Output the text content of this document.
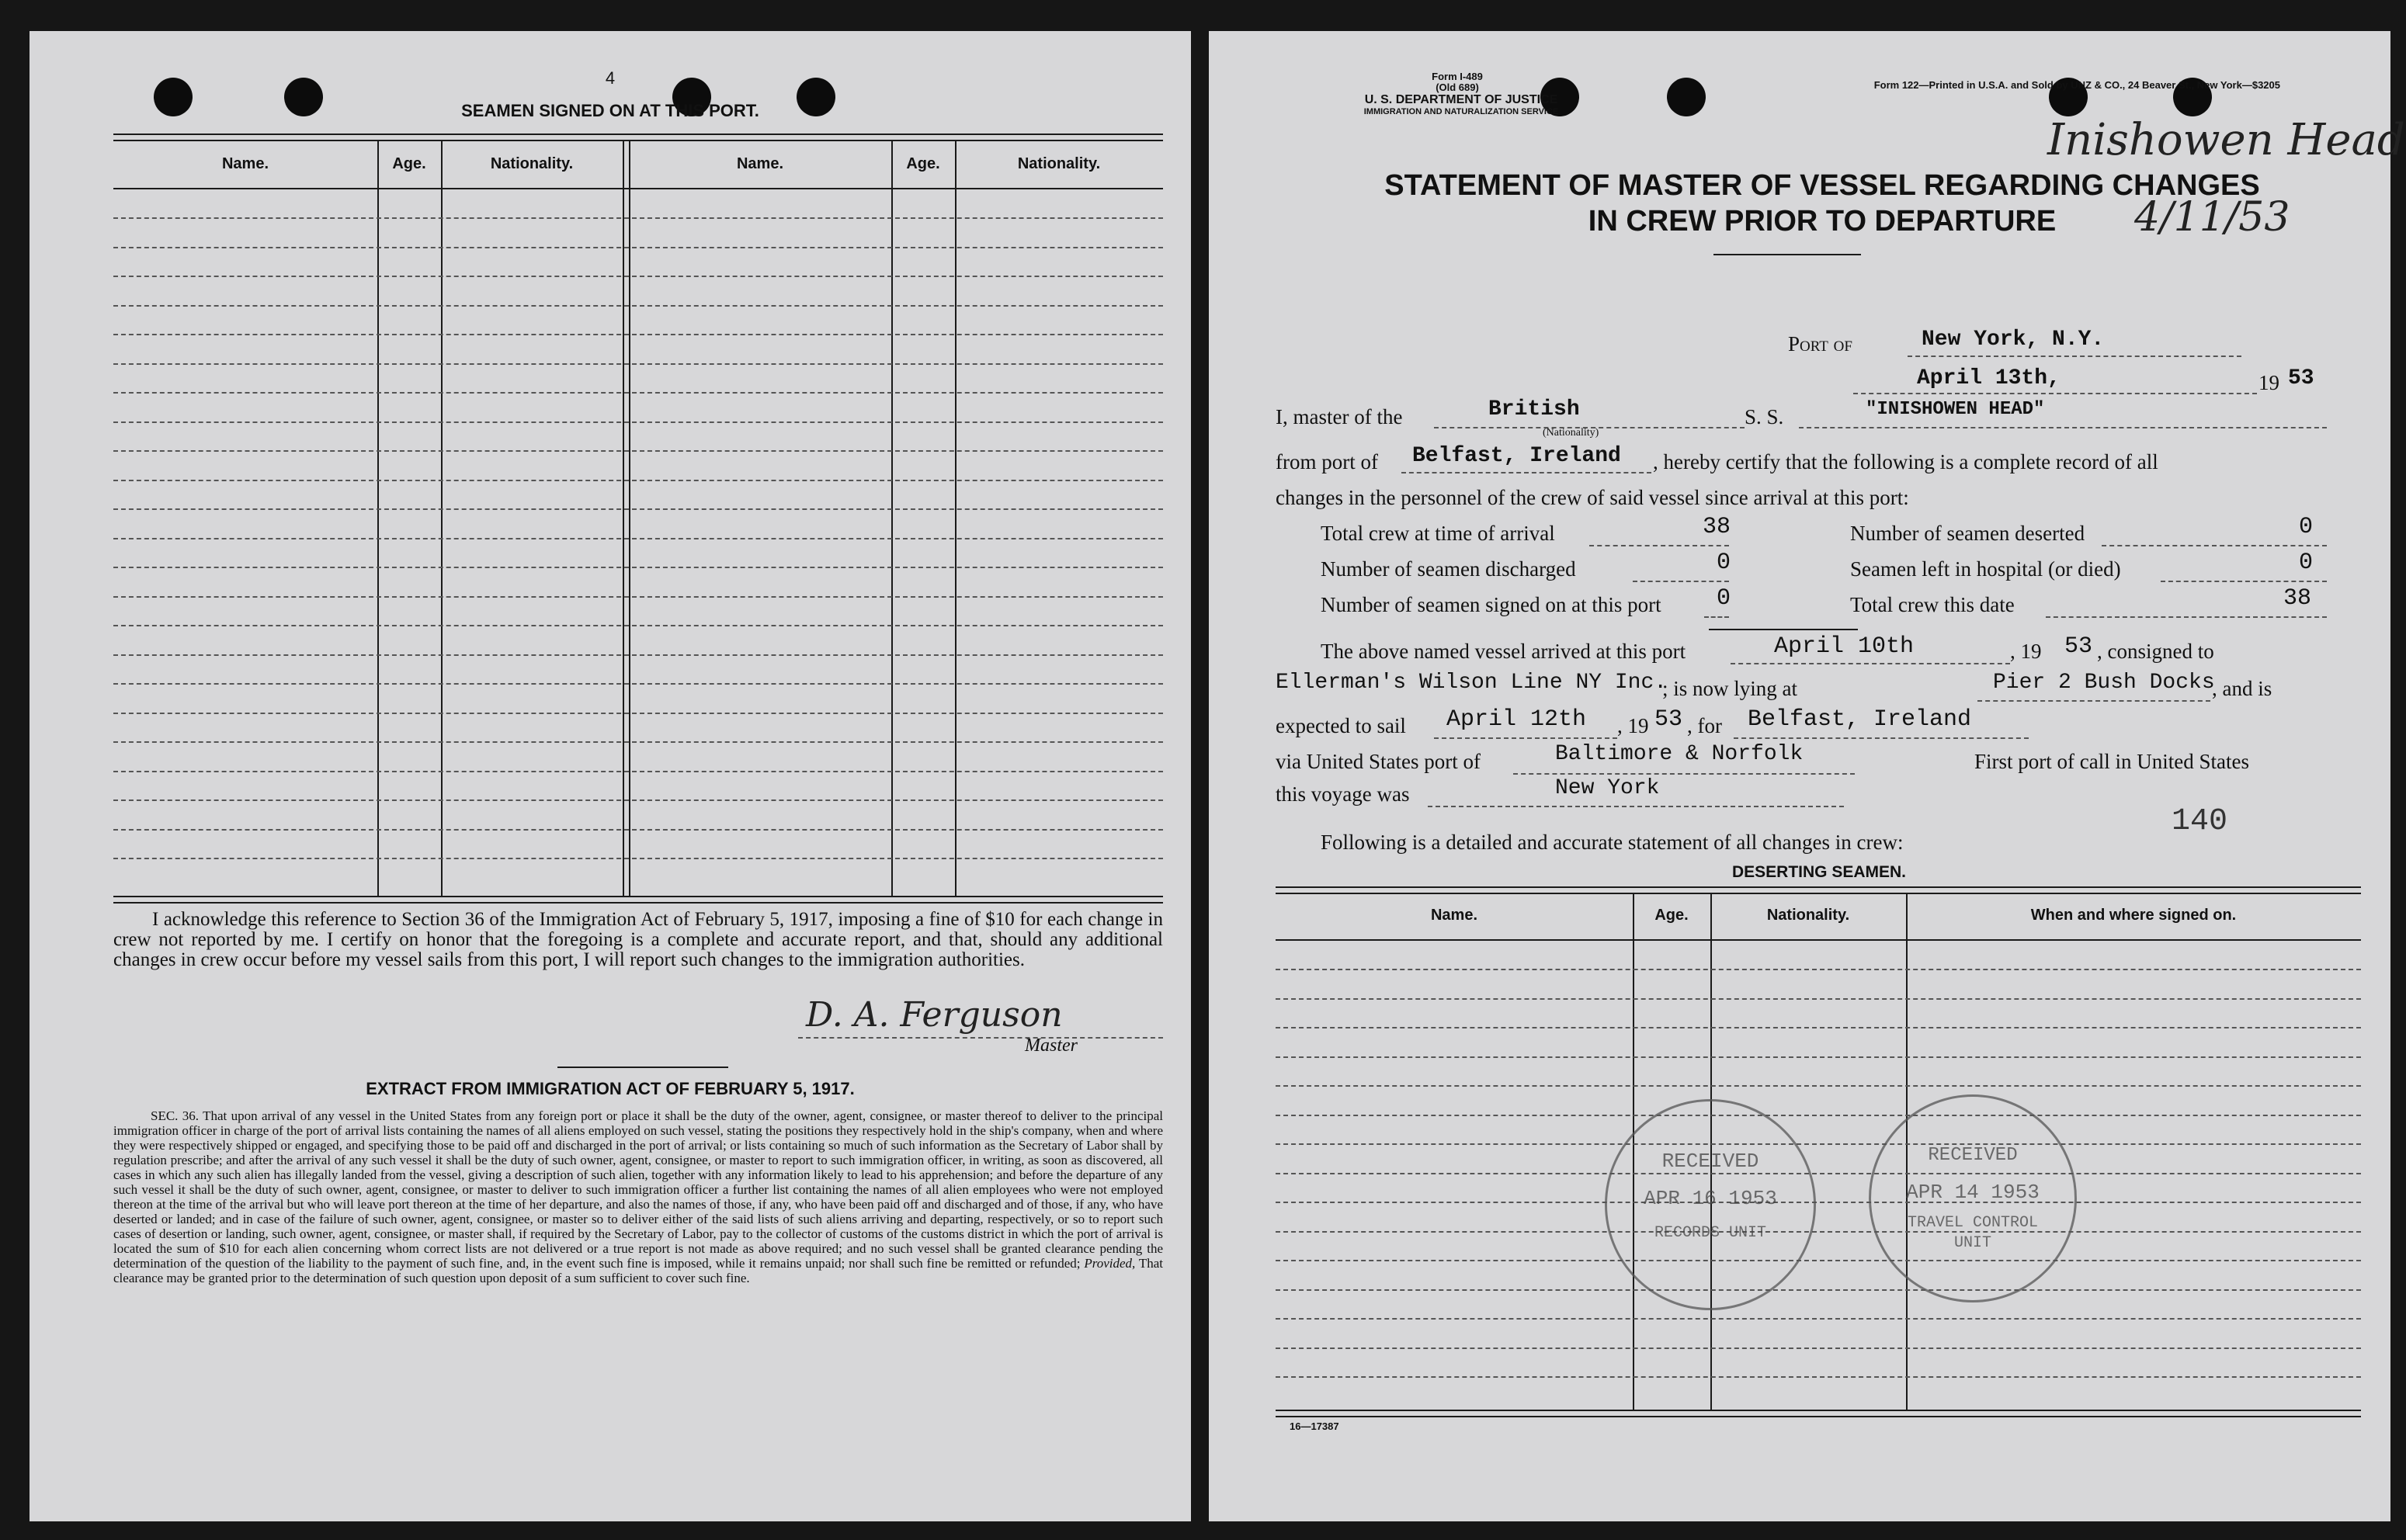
4
SEAMEN SIGNED ON AT THIS PORT.
Name.	Age.	Nationality.	Name.	Age.	Nationality.
I acknowledge this reference to Section 36 of the Immigration Act of February 5, 1917, imposing a fine of $10 for each change in crew not reported by me. I certify on honor that the foregoing is a complete and accurate report, and that, should any additional changes in crew occur before my vessel sails from this port, I will report such changes to the immigration authorities.
D. A. Ferguson
Master
EXTRACT FROM IMMIGRATION ACT OF FEBRUARY 5, 1917.
SEC. 36. That upon arrival of any vessel in the United States from any foreign port or place it shall be the duty of the owner, agent, consignee, or master thereof to deliver to the principal immigration officer in charge of the port of arrival lists containing the names of all aliens employed on such vessel, stating the positions they respectively hold in the ship's company, when and where they were respectively shipped or engaged, and specifying those to be paid off and discharged in the port of arrival; or lists containing so much of such information as the Secretary of Labor shall by regulation prescribe; and after the arrival of any such vessel it shall be the duty of such owner, agent, consignee, or master to report to such immigration officer, in writing, as soon as discovered, all cases in which any such alien has illegally landed from the vessel, giving a description of such alien, together with any information likely to lead to his apprehension; and before the departure of any such vessel it shall be the duty of such owner, agent, consignee, or master to deliver to such immigration officer a further list containing the names of all alien employees who were not employed thereon at the time of the arrival but who will leave port thereon at the time of her departure, and also the names of those, if any, who have been paid off and discharged and of those, if any, who have deserted or landed; and in case of the failure of such owner, agent, consignee, or master so to deliver either of the said lists of such aliens arriving and departing, respectively, or so to report such cases of desertion or landing, such owner, agent, consignee, or master shall, if required by the Secretary of Labor, pay to the collector of customs of the customs district in which the port of arrival is located the sum of $10 for each alien concerning whom correct lists are not delivered or a true report is not made as above required; and no such vessel shall be granted clearance pending the determination of the question of the liability to the payment of such fine, and, in the event such fine is imposed, while it remains unpaid; nor shall such fine be remitted or refunded; Provided, That clearance may be granted prior to the determination of such question upon deposit of a sum sufficient to cover such fine.
Form I-489
(Old 689)
U. S. DEPARTMENT OF JUSTICE
IMMIGRATION AND NATURALIZATION SERVICE
Form 122—Printed in U.S.A. and Sold by UNZ & CO., 24 Beaver St., New York—$3205
Inishowen Head
4/11/53
STATEMENT OF MASTER OF VESSEL REGARDING CHANGES
IN CREW PRIOR TO DEPARTURE
Port of	New York, N.Y.
April 13th,	19 53
I, master of the	British
(Nationality)
S. S.	"INISHOWEN HEAD"
from port of Belfast, Ireland , hereby certify that the following is a complete record of all
changes in the personnel of the crew of said vessel since arrival at this port:
Total crew at time of arrival	38	Number of seamen deserted	0
Number of seamen discharged	0	Seamen left in hospital (or died)	0
Number of seamen signed on at this port 0	Total crew this date	38
The above named vessel arrived at this port	April 10th	, 19 53 , consigned to
Ellerman's Wilson Line NY Inc.
; is now lying at	Pier 2 Bush Docks
, and is
expected to sail April 12th , 19 53 , for Belfast, Ireland
via United States port of	Baltimore & Norfolk	First port of call in United States
this voyage was	New York
140
Following is a detailed and accurate statement of all changes in crew:
DESERTING SEAMEN.
Name.	Age.	Nationality.	When and where signed on.
RECEIVED
APR 16 1953
RECORDS UNIT
RECEIVED
APR 14 1953
TRAVEL CONTROL UNIT
16—17387
